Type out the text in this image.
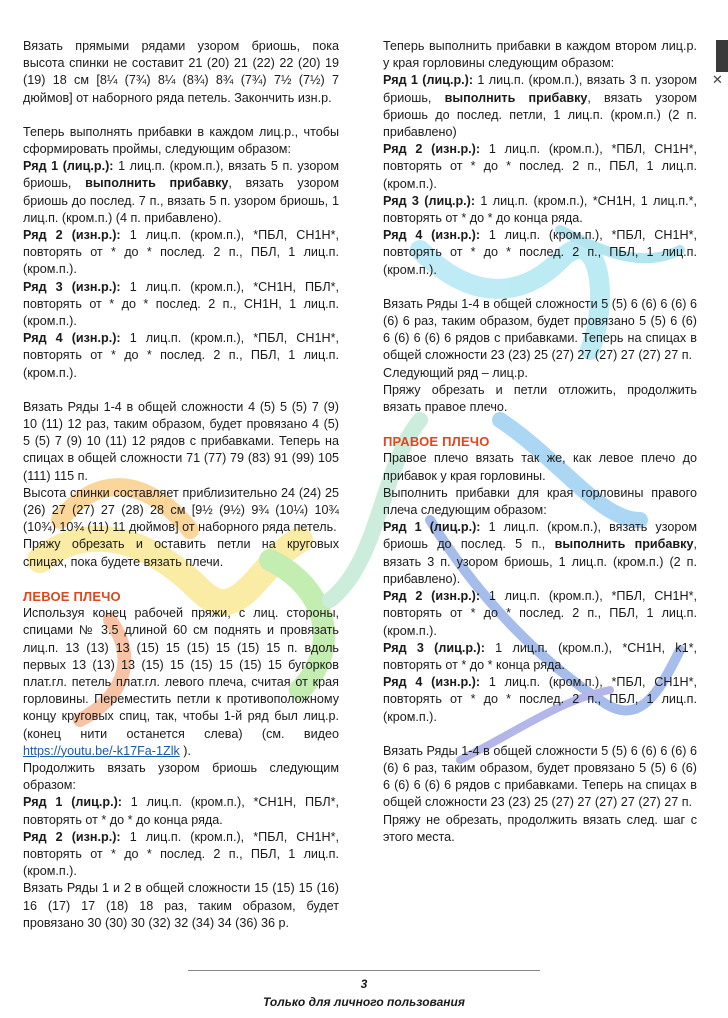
✕

Вязать прямыми рядами узором бриошь, пока высота спинки не составит 21 (20) 21 (22) 22 (20) 19 (19) 18 см [8¼ (7¾) 8¼ (8¾) 8¾ (7¾) 7½ (7½) 7 дюймов] от наборного ряда петель. Закончить изн.р.

Теперь выполнять прибавки в каждом лиц.р., чтобы сформировать проймы, следующим образом:

Ряд 1 (лиц.р.): 1 лиц.п. (кром.п.), вязать 5 п. узором бриошь, выполнить прибавку, вязать узором бриошь до послед. 7 п., вязать 5 п. узором бриошь, 1 лиц.п. (кром.п.) (4 п. прибавлено).

Ряд 2 (изн.р.): 1 лиц.п. (кром.п.), *ПБЛ, СН1Н*, повторять от * до * послед. 2 п., ПБЛ, 1 лиц.п. (кром.п.).

Ряд 3 (изн.р.): 1 лиц.п. (кром.п.), *СН1Н, ПБЛ*, повторять от * до * послед. 2 п., СН1Н, 1 лиц.п. (кром.п.).

Ряд 4 (изн.р.): 1 лиц.п. (кром.п.), *ПБЛ, СН1Н*, повторять от * до * послед. 2 п., ПБЛ, 1 лиц.п. (кром.п.).

Вязать Ряды 1-4 в общей сложности 4 (5) 5 (5) 7 (9) 10 (11) 12 раз, таким образом, будет провязано 4 (5) 5 (5) 7 (9) 10 (11) 12 рядов с прибавками. Теперь на спицах в общей сложности 71 (77) 79 (83) 91 (99) 105 (111) 115 п.

Высота спинки составляет приблизительно 24 (24) 25 (26) 27 (27) 27 (28) 28 см [9½ (9½) 9¾ (10¼) 10¾ (10¾) 10¾ (11) 11 дюймов] от наборного ряда петель.

Пряжу обрезать и оставить петли на круговых спицах, пока будете вязать плечи.

ЛЕВОЕ ПЛЕЧО

Используя конец рабочей пряжи, с лиц. стороны, спицами № 3.5 длиной 60 см поднять и провязать лиц.п. 13 (13) 13 (15) 15 (15) 15 (15) 15 п. вдоль первых 13 (13) 13 (15) 15 (15) 15 (15) 15 бугорков плат.гл. петель плат.гл. левого плеча, считая от края горловины. Переместить петли к противоположному концу круговых спиц, так, чтобы 1-й ряд был лиц.р. (конец нити останется слева) (см. видео https://youtu.be/-k17Fa-1Zlk ).

Продолжить вязать узором бриошь следующим образом:

Ряд 1 (лиц.р.): 1 лиц.п. (кром.п.), *СН1Н, ПБЛ*, повторять от * до * до конца ряда.

Ряд 2 (изн.р.): 1 лиц.п. (кром.п.), *ПБЛ, СН1Н*, повторять от * до * послед. 2 п., ПБЛ, 1 лиц.п. (кром.п.).

Вязать Ряды 1 и 2 в общей сложности 15 (15) 15 (16) 16 (17) 17 (18) 18 раз, таким образом, будет провязано 30 (30) 30 (32) 32 (34) 34 (36) 36 р.

Теперь выполнить прибавки в каждом втором лиц.р. у края горловины следующим образом:

Ряд 1 (лиц.р.): 1 лиц.п. (кром.п.), вязать 3 п. узором бриошь, выполнить прибавку, вязать узором бриошь до послед. петли, 1 лиц.п. (кром.п.) (2 п. прибавлено)

Ряд 2 (изн.р.): 1 лиц.п. (кром.п.), *ПБЛ, СН1Н*, повторять от * до * послед. 2 п., ПБЛ, 1 лиц.п. (кром.п.).

Ряд 3 (лиц.р.): 1 лиц.п. (кром.п.), *СН1Н, 1 лиц.п.*, повторять от * до * до конца ряда.

Ряд 4 (изн.р.): 1 лиц.п. (кром.п.), *ПБЛ, СН1Н*, повторять от * до * послед. 2 п., ПБЛ, 1 лиц.п. (кром.п.).

Вязать Ряды 1-4 в общей сложности 5 (5) 6 (6) 6 (6) 6 (6) 6 раз, таким образом, будет провязано 5 (5) 6 (6) 6 (6) 6 (6) 6 рядов с прибавками. Теперь на спицах в общей сложности 23 (23) 25 (27) 27 (27) 27 (27) 27 п.

Следующий ряд – лиц.р.

Пряжу обрезать и петли отложить, продолжить вязать правое плечо.

ПРАВОЕ ПЛЕЧО

Правое плечо вязать так же, как левое плечо до прибавок у края горловины.

Выполнить прибавки для края горловины правого плеча следующим образом:

Ряд 1 (лиц.р.): 1 лиц.п. (кром.п.), вязать узором бриошь до послед. 5 п., выполнить прибавку, вязать 3 п. узором бриошь, 1 лиц.п. (кром.п.) (2 п. прибавлено).

Ряд 2 (изн.р.): 1 лиц.п. (кром.п.), *ПБЛ, СН1Н*, повторять от * до * послед. 2 п., ПБЛ, 1 лиц.п. (кром.п.).

Ряд 3 (лиц.р.): 1 лиц.п. (кром.п.), *СН1Н, k1*, повторять от * до * конца ряда.

Ряд 4 (изн.р.): 1 лиц.п. (кром.п.), *ПБЛ, СН1Н*, повторять от * до * послед. 2 п., ПБЛ, 1 лиц.п. (кром.п.).

Вязать Ряды 1-4 в общей сложности 5 (5) 6 (6) 6 (6) 6 (6) 6 раз, таким образом, будет провязано 5 (5) 6 (6) 6 (6) 6 (6) 6 рядов с прибавками. Теперь на спицах в общей сложности 23 (23) 25 (27) 27 (27) 27 (27) 27 п.

Пряжу не обрезать, продолжить вязать след. шаг с этого места.

3
Только для личного пользования
